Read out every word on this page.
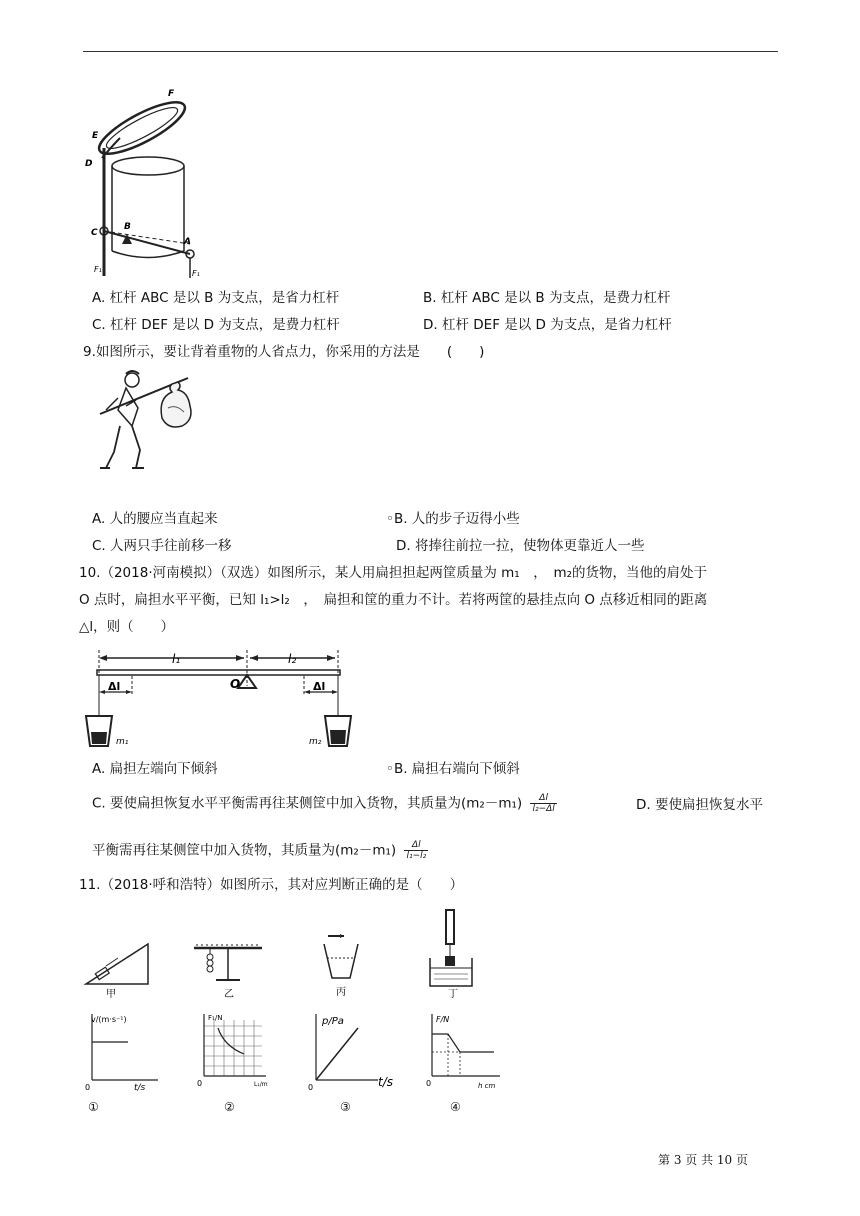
F
E
D
C
B
A
F₁	F₁
A. 杠杆 ABC 是以 B 为支点，是省力杠杆	B. 杠杆 ABC 是以 B 为支点，是费力杠杆
C. 杠杆 DEF 是以 D 为支点，是费力杠杆	D. 杠杆 DEF 是以 D 为支点，是省力杠杆
9.如图所示，要让背着重物的人省点力，你采用的方法是　　(　　)
A. 人的腰应当直起来	◦B. 人的步子迈得小些
C. 人两只手往前移一移	D. 将捧往前拉一拉，使物体更靠近人一些
10.（2018·河南模拟）（双选）如图所示，某人用扁担担起两筐质量为 m₁　，　m₂的货物，当他的肩处于
O 点时，扁担水平平衡，已知 l₁>l₂　，　扁担和筐的重力不计。若将两筐的悬挂点向 O 点移近相同的距离
△l，则（　　）
l₁	l₂
O
Δl	Δl
m₁	m₂
A. 扁担左端向下倾斜	◦B. 扁担右端向下倾斜
C. 要使扁担恢复水平平衡需再往某侧筐中加入货物，其质量为$(m_2-m_1) \frac{\Delta l}{\text{l₂−Δl}}$	D. 要使扁担恢复水平
平衡需再往某侧筐中加入货物，其质量为$(m_2-m_1) \frac{\Delta l}{\text{l₁−l₂}}$
11.（2018·呼和浩特）如图所示，其对应判断正确的是（　　）
甲	乙	丙	丁
v/(m·s⁻¹)
t/s
0
F₁/N
L₁/m
0
p/Pa
t/s
0
F/N
h cm
0
①	②	③	④
第 3 页 共 10 页
